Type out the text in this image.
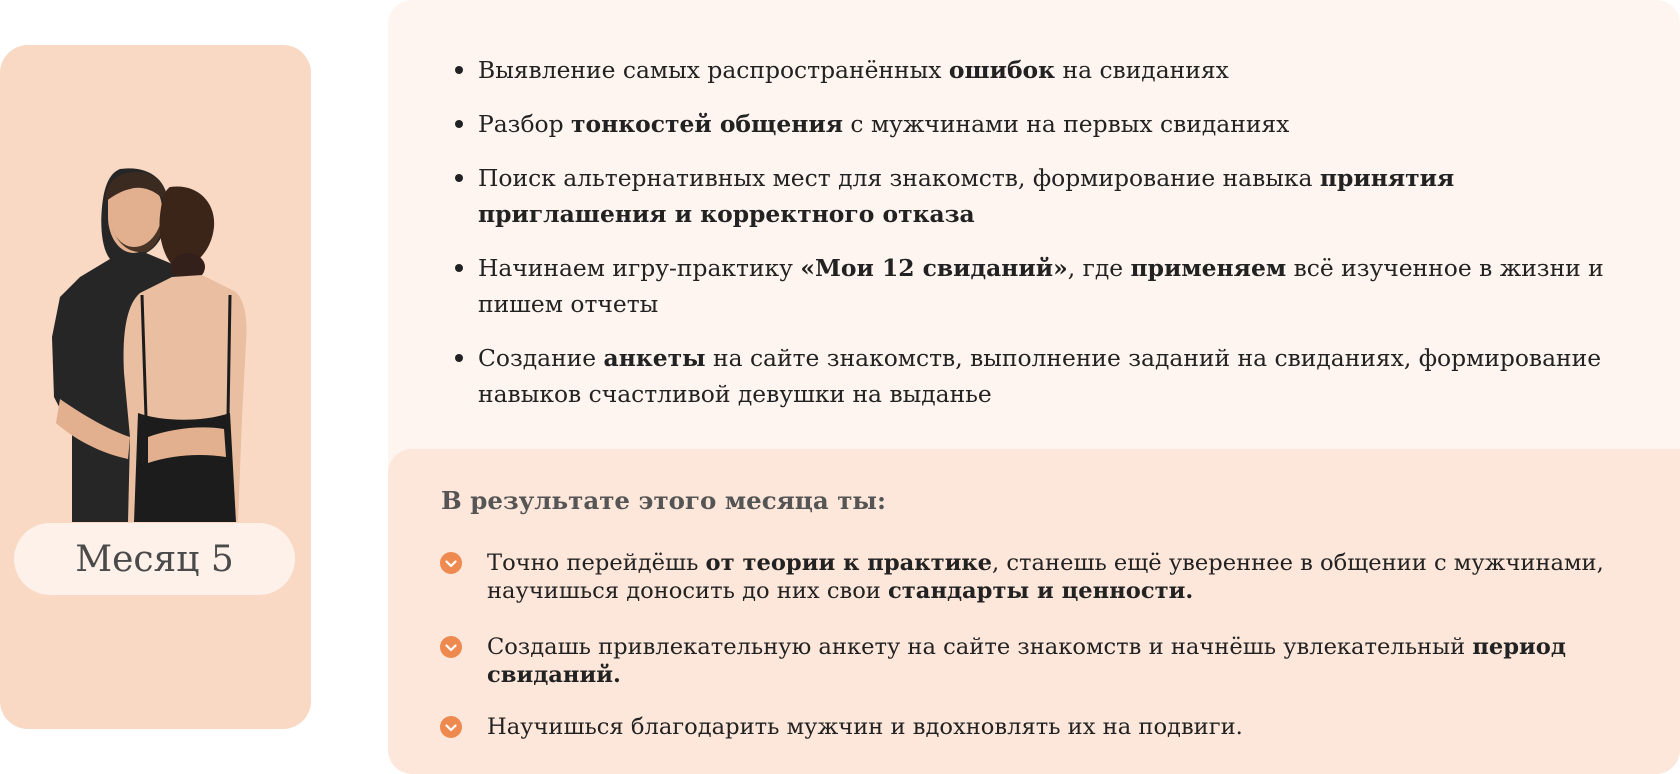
Месяц 5
Выявление самых распространённых ошибок на свиданиях
Разбор тонкостей общения с мужчинами на первых свиданиях
Поиск альтернативных мест для знакомств, формирование навыка принятия приглашения и корректного отказа
Начинаем игру-практику «Мои 12 свиданий», где применяем всё изученное в жизни и пишем отчеты
Создание анкеты на сайте знакомств, выполнение заданий на свиданиях, формирование навыков счастливой девушки на выданье
В результате этого месяца ты:
Точно перейдёшь от теории к практике, станешь ещё увереннее в общении с мужчинами, научишься доносить до них свои стандарты и ценности.
Создашь привлекательную анкету на сайте знакомств и начнёшь увлекательный период свиданий.
Научишься благодарить мужчин и вдохновлять их на подвиги.
